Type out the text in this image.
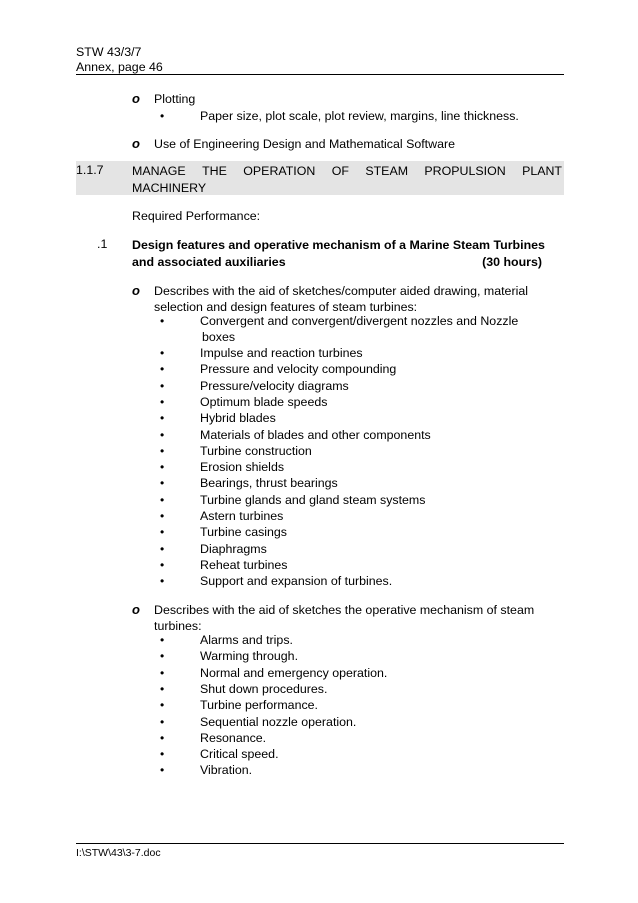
STW 43/3/7
Annex, page 46
o Plotting
•	Paper size, plot scale, plot review, margins, line thickness.
o Use of Engineering Design and Mathematical Software
1.1.7 MANAGE THE OPERATION OF STEAM PROPULSION PLANT
MACHINERY
Required Performance:
.1 Design features and operative mechanism of a Marine Steam Turbines
and associated auxiliaries	(30 hours)
o Describes with the aid of sketches/computer aided drawing, material
selection and design features of steam turbines:
•	Convergent and convergent/divergent nozzles and Nozzle
boxes
•	Impulse and reaction turbines
•	Pressure and velocity compounding
•	Pressure/velocity diagrams
•	Optimum blade speeds
•	Hybrid blades
•	Materials of blades and other components
•	Turbine construction
•	Erosion shields
•	Bearings, thrust bearings
•	Turbine glands and gland steam systems
•	Astern turbines
•	Turbine casings
•	Diaphragms
•	Reheat turbines
•	Support and expansion of turbines.
o Describes with the aid of sketches the operative mechanism of steam
turbines:
•	Alarms and trips.
•	Warming through.
•	Normal and emergency operation.
•	Shut down procedures.
•	Turbine performance.
•	Sequential nozzle operation.
•	Resonance.
•	Critical speed.
•	Vibration.
I:\STW\43\3-7.doc
